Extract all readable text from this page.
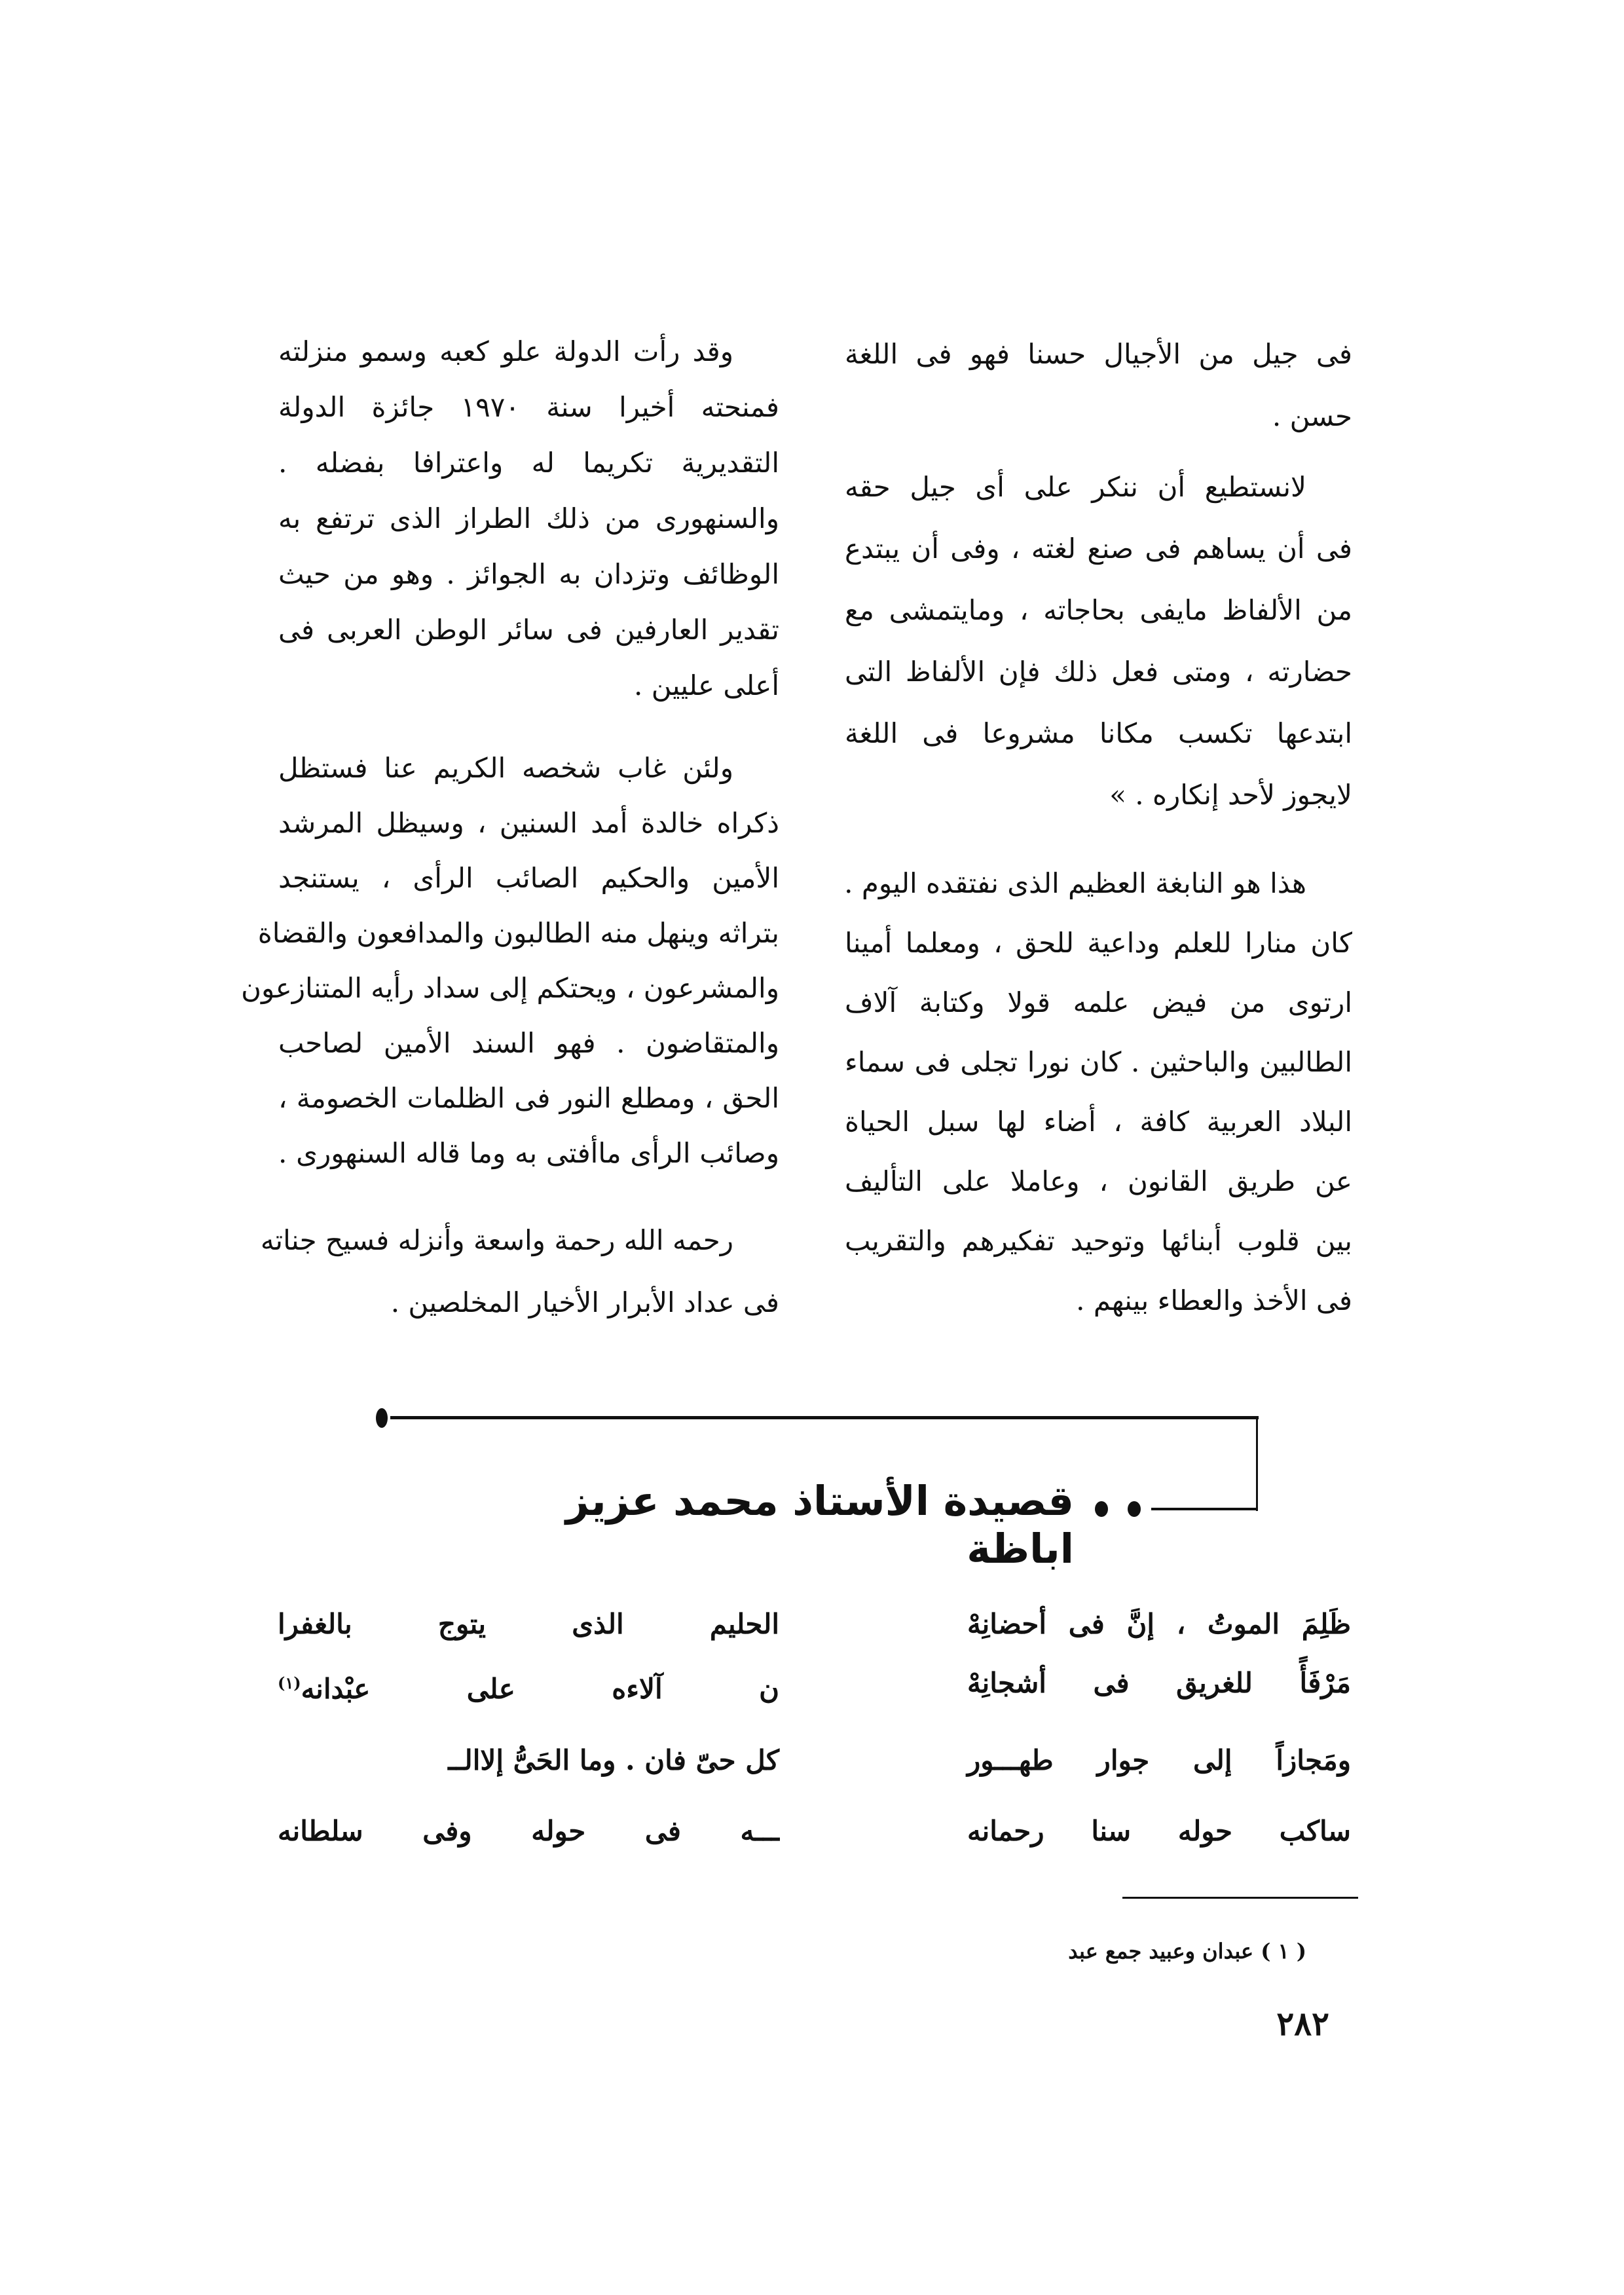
فى جيل من الأجيال حسنا فهو فى اللغة
حسن .
لانستطيع أن ننكر على أى جيل حقه
فى أن يساهم فى صنع لغته ، وفى أن يبتدع
من الألفاظ مايفى بحاجاته ، ومايتمشى مع
حضارته ، ومتى فعل ذلك فإن الألفاظ التى
ابتدعها تكسب مكانا مشروعا فى اللغة
لايجوز لأحد إنكاره . »
هذا هو النابغة العظيم الذى نفتقده اليوم .
كان منارا للعلم وداعية للحق ، ومعلما أمينا
ارتوى من فيض علمه قولا وكتابة آلاف
الطالبين والباحثين . كان نورا تجلى فى سماء
البلاد العربية كافة ، أضاء لها سبل الحياة
عن طريق القانون ، وعاملا على التأليف
بين قلوب أبنائها وتوحيد تفكيرهم والتقريب
فى الأخذ والعطاء بينهم .
وقد رأت الدولة علو كعبه وسمو منزلته
فمنحته أخيرا سنة ١٩٧٠ جائزة الدولة
التقديرية تكريما له واعترافا بفضله .
والسنهورى من ذلك الطراز الذى ترتفع به
الوظائف وتزدان به الجوائز . وهو من حيث
تقدير العارفين فى سائر الوطن العربى فى
أعلى عليين .
ولئن غاب شخصه الكريم عنا فستظل
ذكراه خالدة أمد السنين ، وسيظل المرشد
الأمين والحكيم الصائب الرأى ، يستنجد
بتراثه وينهل منه الطالبون والمدافعون والقضاة
والمشرعون ، ويحتكم إلى سداد رأيه المتنازعون
والمتقاضون . فهو السند الأمين لصاحب
الحق ، ومطلع النور فى الظلمات الخصومة ،
وصائب الرأى ماأفتى به وما قاله السنهورى .
رحمه الله رحمة واسعة وأنزله فسيح جناته
فى عداد الأبرار الأخيار المخلصين .
قصيدة الأستاذ محمد عزيز اباظة
ظَلِمَ الموتُ ، إنَّ فى أحضانِهْ
الحليم الذى يتوج بالغفرا
مَرْفَأً للغريق فى أشجانِهْ
ن آلاءه على عبْدانه$^{(١)}$
ومَجازاً إلى جوار طهـــور
كل حىّ فان . وما الحَىُّ إلاالــ
ساكب حوله سنا رحمانه
ـــه فى حوله وفى سلطانه
( ١ ) عبدان وعبيد جمع عبد
٢٨٢
